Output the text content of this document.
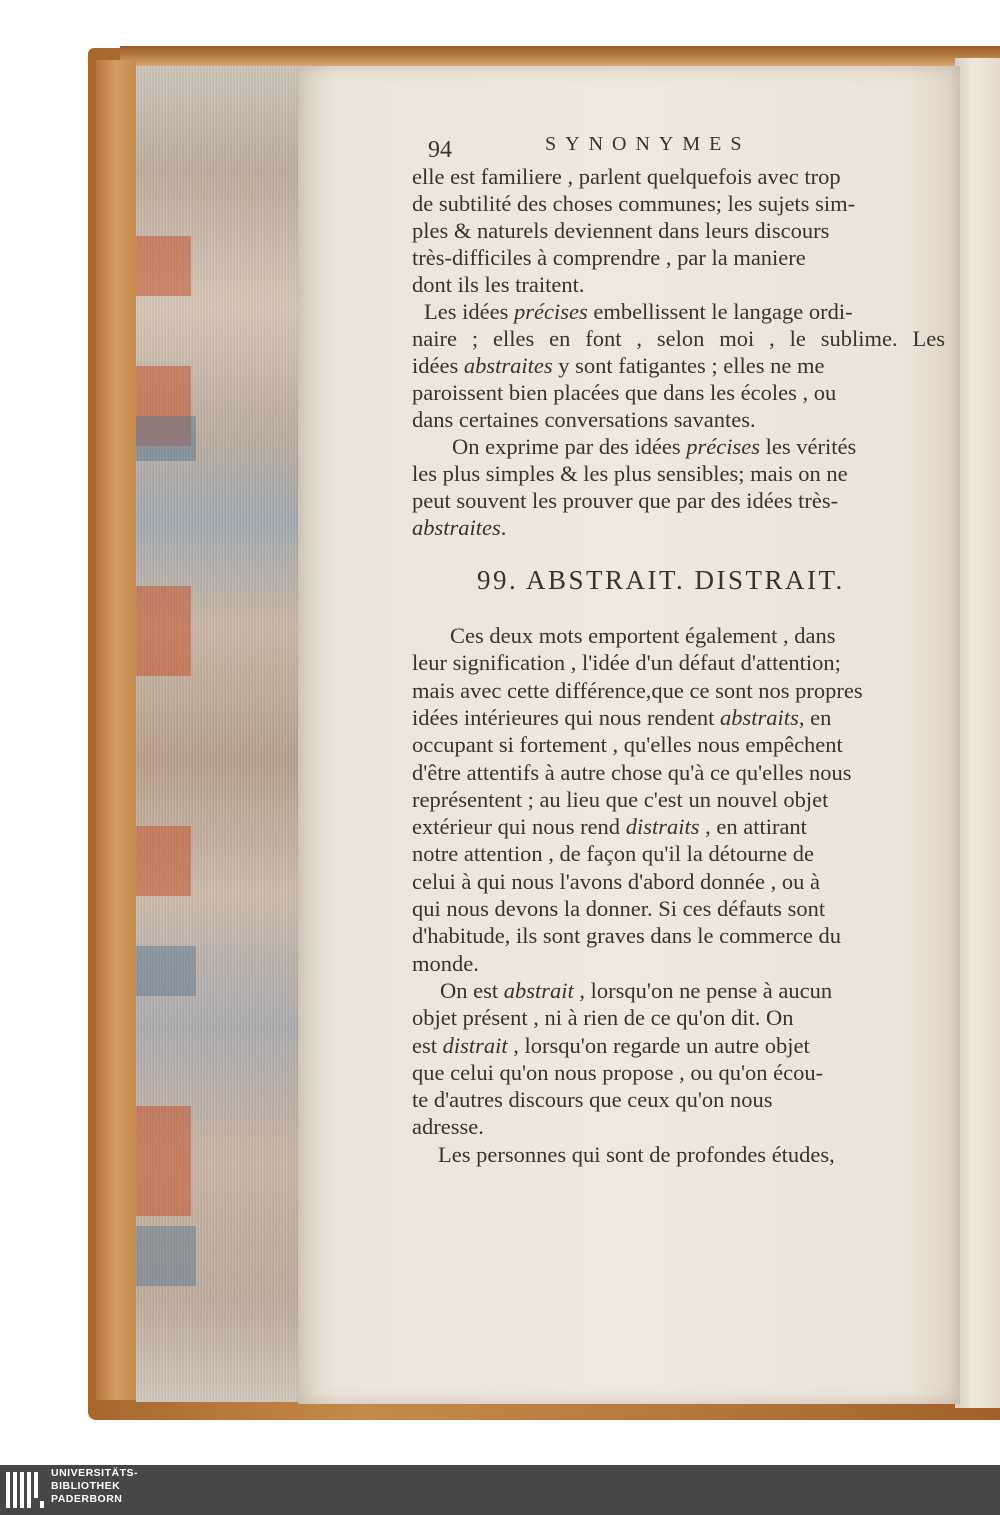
94	SYNONYMES
elle est familiere , parlent quelquefois avec trop
de subtilité des choses communes; les sujets sim-
ples & naturels deviennent dans leurs discours
très-difficiles à comprendre , par la maniere
dont ils les traitent.
Les idées précises embellissent le langage ordi-
naire ; elles en font , selon moi , le sublime. Les
idées abstraites y sont fatigantes ; elles ne me
paroissent bien placées que dans les écoles , ou
dans certaines conversations savantes.
On exprime par des idées précises les vérités
les plus simples & les plus sensibles; mais on ne
peut souvent les prouver que par des idées très-
abstraites.
99. ABSTRAIT. DISTRAIT.
Ces deux mots emportent également , dans
leur signification , l'idée d'un défaut d'attention;
mais avec cette différence,que ce sont nos propres
idées intérieures qui nous rendent abstraits, en
occupant si fortement , qu'elles nous empêchent
d'être attentifs à autre chose qu'à ce qu'elles nous
représentent ; au lieu que c'est un nouvel objet
extérieur qui nous rend distraits , en attirant
notre attention , de façon qu'il la détourne de
celui à qui nous l'avons d'abord donnée , ou à
qui nous devons la donner. Si ces défauts sont
d'habitude, ils sont graves dans le commerce du
monde.
On est abstrait , lorsqu'on ne pense à aucun
objet présent , ni à rien de ce qu'on dit. On
est distrait , lorsqu'on regarde un autre objet
que celui qu'on nous propose , ou qu'on écou-
te d'autres discours que ceux qu'on nous
adresse.
Les personnes qui sont de profondes études,
UNIVERSITÄTS-
BIBLIOTHEK
PADERBORN
